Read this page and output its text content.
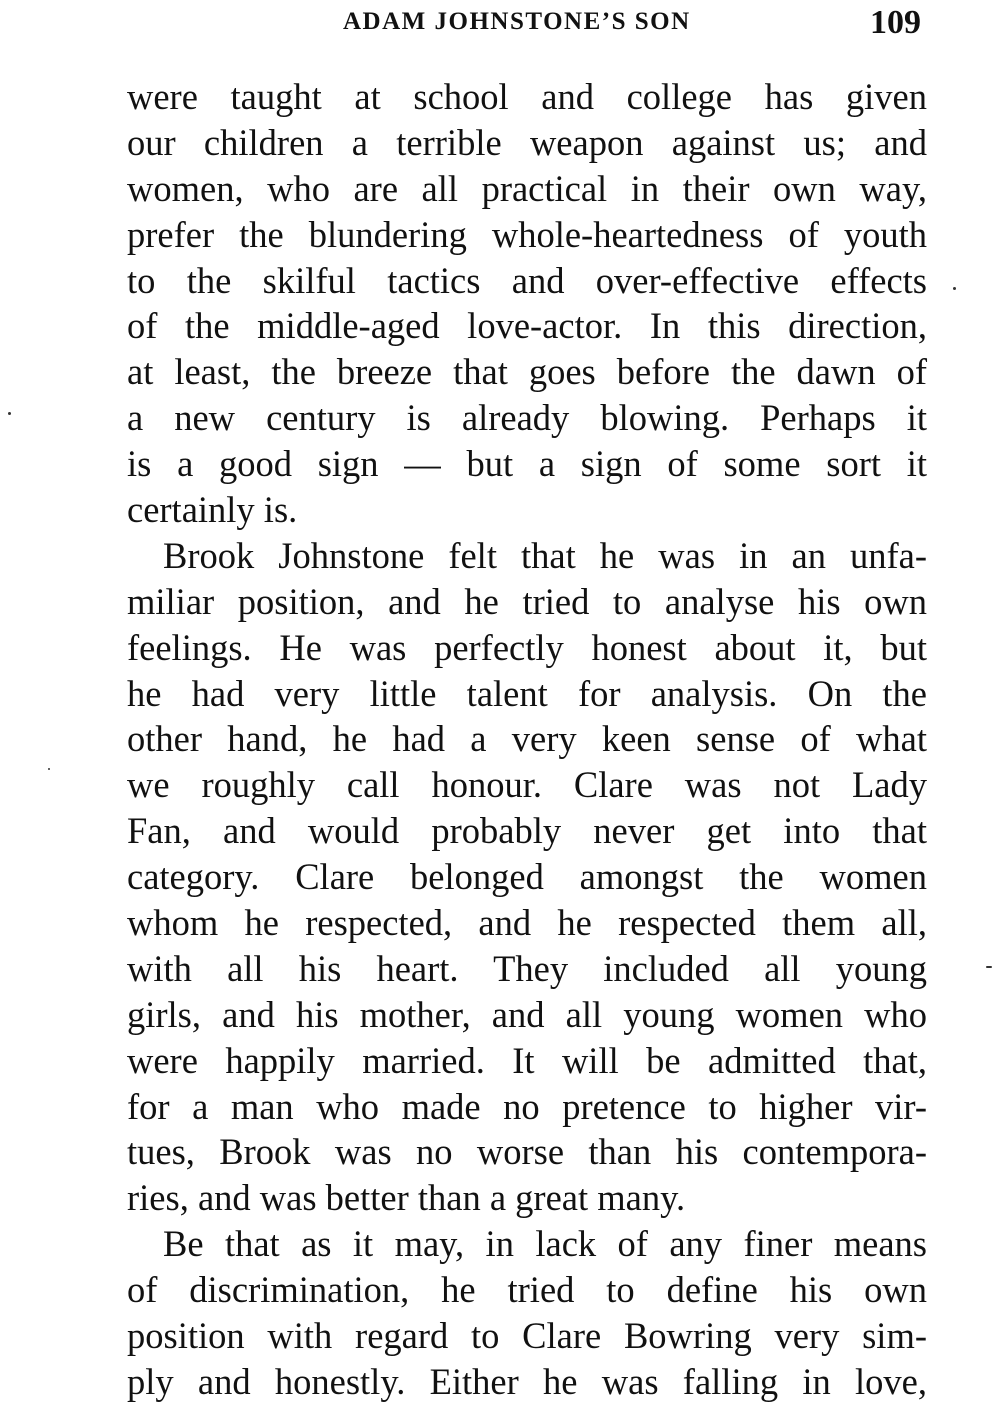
ADAM JOHNSTONE’S SON	109
were taught at school and college has given
our children a terrible weapon against us; and
women, who are all practical in their own way,
prefer the blundering whole-heartedness of youth
to the skilful tactics and over-effective effects
of the middle-aged love-actor. In this direction,
at least, the breeze that goes before the dawn of
a new century is already blowing. Perhaps it
is a good sign — but a sign of some sort it
certainly is.
Brook Johnstone felt that he was in an unfa-
miliar position, and he tried to analyse his own
feelings. He was perfectly honest about it, but
he had very little talent for analysis. On the
other hand, he had a very keen sense of what
we roughly call honour. Clare was not Lady
Fan, and would probably never get into that
category. Clare belonged amongst the women
whom he respected, and he respected them all,
with all his heart. They included all young
girls, and his mother, and all young women who
were happily married. It will be admitted that,
for a man who made no pretence to higher vir-
tues, Brook was no worse than his contempora-
ries, and was better than a great many.
Be that as it may, in lack of any finer means
of discrimination, he tried to define his own
position with regard to Clare Bowring very sim-
ply and honestly. Either he was falling in love,
